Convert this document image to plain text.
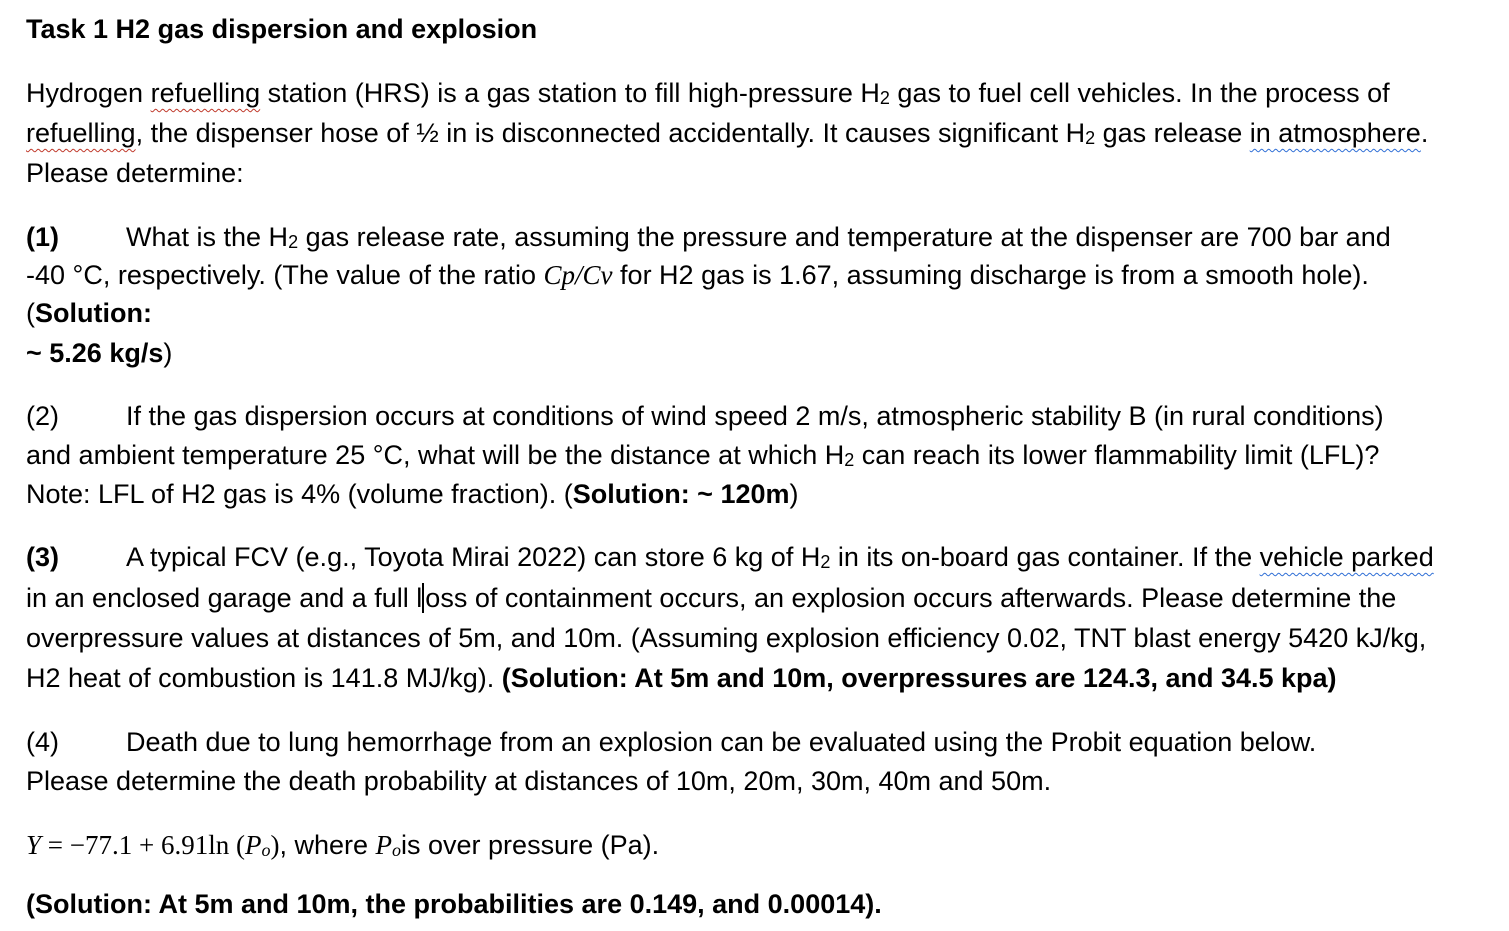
Task 1 H2 gas dispersion and explosion
Hydrogen refuelling station (HRS) is a gas station to fill high-pressure H2 gas to fuel cell vehicles. In the process of
refuelling, the dispenser hose of ½ in is disconnected accidentally. It causes significant H2 gas release in atmosphere.
Please determine:
(1) What is the H2 gas release rate, assuming the pressure and temperature at the dispenser are 700 bar and
-40 °C, respectively. (The value of the ratio Cp/Cv for H2 gas is 1.67, assuming discharge is from a smooth hole).
(Solution:
~ 5.26 kg/s)
(2) If the gas dispersion occurs at conditions of wind speed 2 m/s, atmospheric stability B (in rural conditions)
and ambient temperature 25 °C, what will be the distance at which H2 can reach its lower flammability limit (LFL)?
Note: LFL of H2 gas is 4% (volume fraction). (Solution: ~ 120m)
(3) A typical FCV (e.g., Toyota Mirai 2022) can store 6 kg of H2 in its on-board gas container. If the vehicle parked
in an enclosed garage and a full l oss of containment occurs, an explosion occurs afterwards. Please determine the
overpressure values at distances of 5m, and 10m. (Assuming explosion efficiency 0.02, TNT blast energy 5420 kJ/kg,
H2 heat of combustion is 141.8 MJ/kg). (Solution: At 5m and 10m, overpressures are 124.3, and 34.5 kpa)
(4) Death due to lung hemorrhage from an explosion can be evaluated using the Probit equation below.
Please determine the death probability at distances of 10m, 20m, 30m, 40m and 50m.
Y = −77.1 + 6.91ln (Po), where Pois over pressure (Pa).
(Solution: At 5m and 10m, the probabilities are 0.149, and 0.00014).
